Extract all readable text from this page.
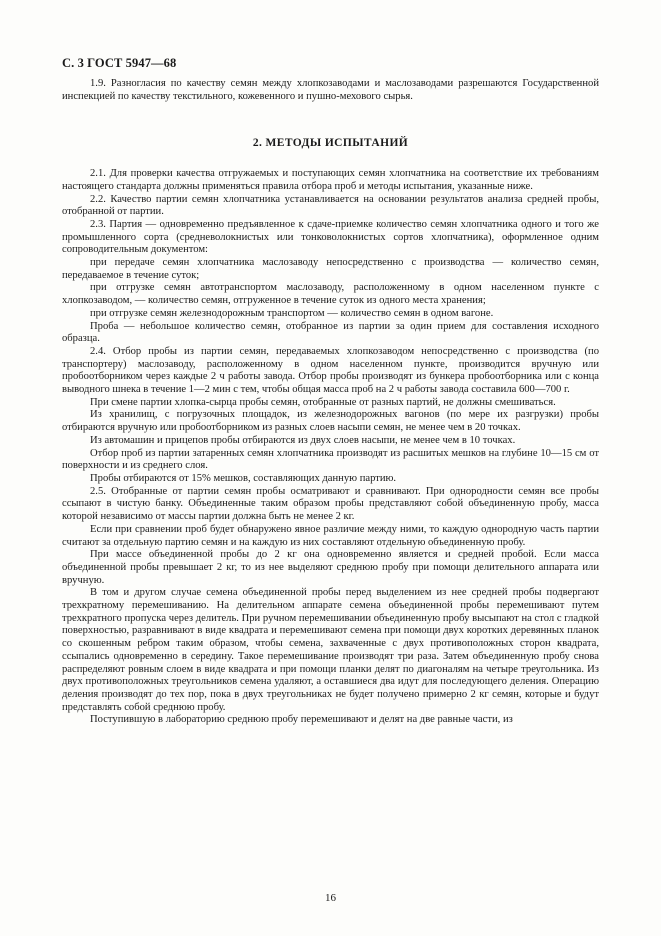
С. 3 ГОСТ 5947—68

1.9. Разногласия по качеству семян между хлопкозаводами и маслозаводами разрешаются Государственной инспекцией по качеству текстильного, кожевенного и пушно-мехового сырья.

2. МЕТОДЫ ИСПЫТАНИЙ

2.1. Для проверки качества отгружаемых и поступающих семян хлопчатника на соответствие их требованиям настоящего стандарта должны применяться правила отбора проб и методы испытания, указанные ниже.

2.2. Качество партии семян хлопчатника устанавливается на основании результатов анализа средней пробы, отобранной от партии.

2.3. Партия — одновременно предъявленное к сдаче-приемке количество семян хлопчатника одного и того же промышленного сорта (средневолокнистых или тонковолокнистых сортов хлопчатника), оформленное одним сопроводительным документом:

при передаче семян хлопчатника маслозаводу непосредственно с производства — количество семян, передаваемое в течение суток;

при отгрузке семян автотранспортом маслозаводу, расположенному в одном населенном пункте с хлопкозаводом, — количество семян, отгруженное в течение суток из одного места хранения;

при отгрузке семян железнодорожным транспортом — количество семян в одном вагоне.

Проба — небольшое количество семян, отобранное из партии за один прием для составления исходного образца.

2.4. Отбор пробы из партии семян, передаваемых хлопкозаводом непосредственно с производства (по транспортеру) маслозаводу, расположенному в одном населенном пункте, производится вручную или пробоотборником через каждые 2 ч работы завода. Отбор пробы производят из бункера пробоотборника или с конца выводного шнека в течение 1—2 мин с тем, чтобы общая масса проб на 2 ч работы завода составила 600—700 г.

При смене партии хлопка-сырца пробы семян, отобранные от разных партий, не должны смешиваться.

Из хранилищ, с погрузочных площадок, из железнодорожных вагонов (по мере их разгрузки) пробы отбираются вручную или пробоотборником из разных слоев насыпи семян, не менее чем в 20 точках.

Из автомашин и прицепов пробы отбираются из двух слоев насыпи, не менее чем в 10 точках.

Отбор проб из партии затаренных семян хлопчатника производят из расшитых мешков на глубине 10—15 см от поверхности и из среднего слоя.

Пробы отбираются от 15% мешков, составляющих данную партию.

2.5. Отобранные от партии семян пробы осматривают и сравнивают. При однородности семян все пробы ссыпают в чистую банку. Объединенные таким образом пробы представляют собой объединенную пробу, масса которой независимо от массы партии должна быть не менее 2 кг.

Если при сравнении проб будет обнаружено явное различие между ними, то каждую однородную часть партии считают за отдельную партию семян и на каждую из них составляют отдельную объединенную пробу.

При массе объединенной пробы до 2 кг она одновременно является и средней пробой. Если масса объединенной пробы превышает 2 кг, то из нее выделяют среднюю пробу при помощи делительного аппарата или вручную.

В том и другом случае семена объединенной пробы перед выделением из нее средней пробы подвергают трехкратному перемешиванию. На делительном аппарате семена объединенной пробы перемешивают путем трехкратного пропуска через делитель. При ручном перемешивании объединенную пробу высыпают на стол с гладкой поверхностью, разравнивают в виде квадрата и перемешивают семена при помощи двух коротких деревянных планок со скошенным ребром таким образом, чтобы семена, захваченные с двух противоположных сторон квадрата, ссыпались одновременно в середину. Такое перемешивание производят три раза. Затем объединенную пробу снова распределяют ровным слоем в виде квадрата и при помощи планки делят по диагоналям на четыре треугольника. Из двух противоположных треугольников семена удаляют, а оставшиеся два идут для последующего деления. Операцию деления производят до тех пор, пока в двух треугольниках не будет получено примерно 2 кг семян, которые и будут представлять собой среднюю пробу.

Поступившую в лабораторию среднюю пробу перемешивают и делят на две равные части, из

16
